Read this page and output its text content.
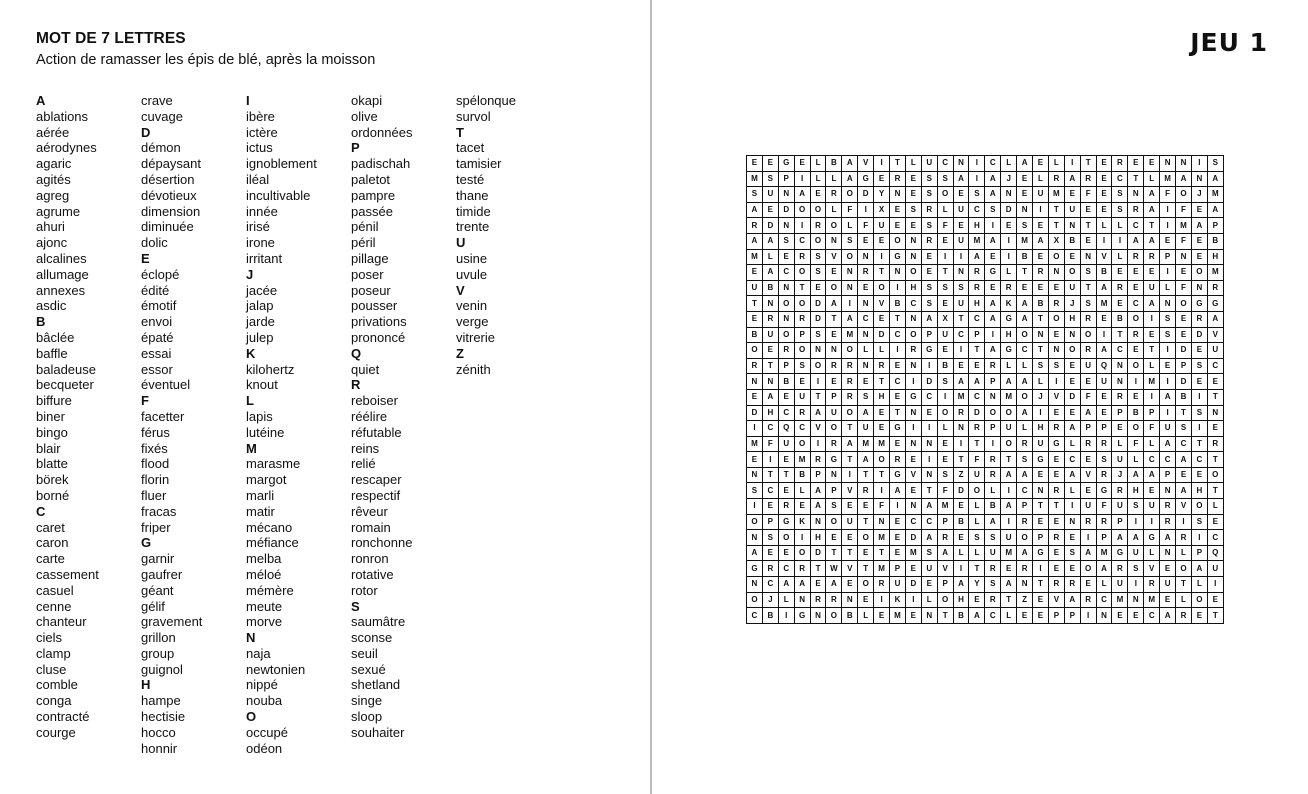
MOT DE 7 LETTRES
Action de ramasser les épis de blé, après la moisson
A
ablations
aérée
aérodynes
agaric
agités
agreg
agrume
ahuri
ajonc
alcalines
allumage
annexes
asdic
B
bâclée
baffle
baladeuse
becqueter
biffure
biner
bingo
blair
blatte
börek
borné
C
caret
caron
carte
cassement
casuel
cenne
chanteur
ciels
clamp
cluse
comble
conga
contracté
courge
crave
cuvage
D
démon
dépaysant
désertion
dévotieux
dimension
diminuée
dolic
E
éclopé
édité
émotif
envoi
épaté
essai
essor
éventuel
F
facetter
férus
fixés
flood
florin
fluer
fracas
friper
G
garnir
gaufrer
géant
gélif
gravement
grillon
group
guignol
H
hampe
hectisie
hocco
honnir
I
ibère
ictère
ictus
ignoblement
iléal
incultivable
innée
irisé
irone
irritant
J
jacée
jalap
jarde
julep
K
kilohertz
knout
L
lapis
lutéine
M
marasme
margot
marli
matir
mécano
méfiance
melba
méloé
mémère
meute
morve
N
naja
newtonien
nippé
nouba
O
occupé
odéon
okapi
olive
ordonnées
P
padischah
paletot
pampre
passée
pénil
péril
pillage
poser
poseur
pousser
privations
prononcé
Q
quiet
R
reboiser
réélire
réfutable
reins
relié
rescaper
respectif
rêveur
romain
ronchonne
ronron
rotative
rotor
S
saumâtre
sconse
seuil
sexué
shetland
singe
sloop
souhaiter
spélonque
survol
T
tacet
tamisier
testé
thane
timide
trente
U
usine
uvule
V
venin
verge
vitrerie
Z
zénith
JEU 1
E	E	G	E	L	B	A	V	I	T	L	U	C	N	I	C	L	A	E	L	I	T	E	R	E	E	N	N	I	S
M	S	P	I	L	L	A	G	E	R	E	S	S	A	I	A	J	E	L	R	A	R	E	C	T	L	M	A	N	A
S	U	N	A	E	R	O	D	Y	N	E	S	O	E	S	A	N	E	U	M	E	F	E	S	N	A	F	O	J	M
A	E	D	O	O	L	F	I	X	E	S	R	L	U	C	S	D	N	I	T	U	E	E	S	R	A	I	F	E	A
R	D	N	I	R	O	L	F	U	E	E	S	F	E	H	I	E	S	E	T	N	T	L	L	C	T	I	M	A	P
A	A	S	C	O	N	S	E	E	O	N	R	E	U	M	A	I	M	A	X	B	E	I	I	A	A	E	F	E	B
M	L	E	R	S	V	O	N	I	G	N	E	I	I	A	E	I	B	E	O	E	N	V	L	R	R	P	N	E	H
E	A	C	O	S	E	N	R	T	N	O	E	T	N	R	G	L	T	R	N	O	S	B	E	E	E	I	E	O	M
U	B	N	T	E	O	N	E	O	I	H	S	S	S	R	E	R	E	E	E	U	T	A	R	E	U	L	F	N	R
T	N	O	O	D	A	I	N	V	B	C	S	E	U	H	A	K	A	B	R	J	S	M	E	C	A	N	O	G	G
E	R	N	R	D	T	A	C	E	T	N	A	X	T	C	A	G	A	T	O	H	R	E	B	O	I	S	E	R	A
B	U	O	P	S	E	M	N	D	C	O	P	U	C	P	I	H	O	N	E	N	O	I	T	R	E	S	E	D	V
O	E	R	O	N	N	O	L	L	I	R	G	E	I	T	A	G	C	T	N	O	R	A	C	E	T	I	D	E	U
R	T	P	S	O	R	R	N	R	E	N	I	B	E	E	R	L	L	S	S	E	U	Q	N	O	L	E	P	S	C
N	N	B	E	I	E	R	E	T	C	I	D	S	A	A	P	A	A	L	I	E	E	U	N	I	M	I	D	E	E
E	A	E	U	T	P	R	S	H	E	G	C	I	M	C	N	M	O	J	V	D	F	E	R	E	I	A	B	I	T
D	H	C	R	A	U	O	A	E	T	N	E	O	R	D	O	O	A	I	E	E	A	E	P	B	P	I	T	S	N
I	C	Q	C	V	O	T	U	E	G	I	I	L	N	R	P	U	L	H	R	A	P	P	E	O	F	U	S	I	E
M	F	U	O	I	R	A	M	M	E	N	N	E	I	T	I	O	R	U	G	L	R	R	L	F	L	A	C	T	R
E	I	E	M	R	G	T	A	O	R	E	I	E	T	F	R	T	S	G	E	C	E	S	U	L	C	C	A	C	T
N	T	T	B	P	N	I	T	T	G	V	N	S	Z	U	R	A	A	E	E	A	V	R	J	A	A	P	E	E	O
S	C	E	L	A	P	V	R	I	A	E	T	F	D	O	L	I	C	N	R	L	E	G	R	H	E	N	A	H	T
I	E	R	E	A	S	E	E	F	I	N	A	M	E	L	B	A	P	T	T	I	U	F	U	S	U	R	V	O	L
O	P	G	K	N	O	U	T	N	E	C	C	P	B	L	A	I	R	E	E	N	R	R	P	I	I	R	I	S	E
N	S	O	I	H	E	E	O	M	E	D	A	R	E	S	S	U	O	P	R	E	I	P	A	A	G	A	R	I	C
A	E	E	O	D	T	T	E	T	E	M	S	A	L	L	U	M	A	G	E	S	A	M	G	U	L	N	L	P	Q
G	R	C	R	T	W	V	T	M	P	E	U	V	I	T	R	E	R	I	E	E	O	A	R	S	V	E	O	A	U
N	C	A	A	E	A	E	O	R	U	D	E	P	A	Y	S	A	N	T	R	R	E	L	U	I	R	U	T	L	I
O	J	L	N	R	R	N	E	I	K	I	L	O	H	E	R	T	Z	E	V	A	R	C	M	N	M	E	L	O	E
C	B	I	G	N	O	B	L	E	M	E	N	T	B	A	C	L	E	E	P	P	I	N	E	E	C	A	R	E	T
